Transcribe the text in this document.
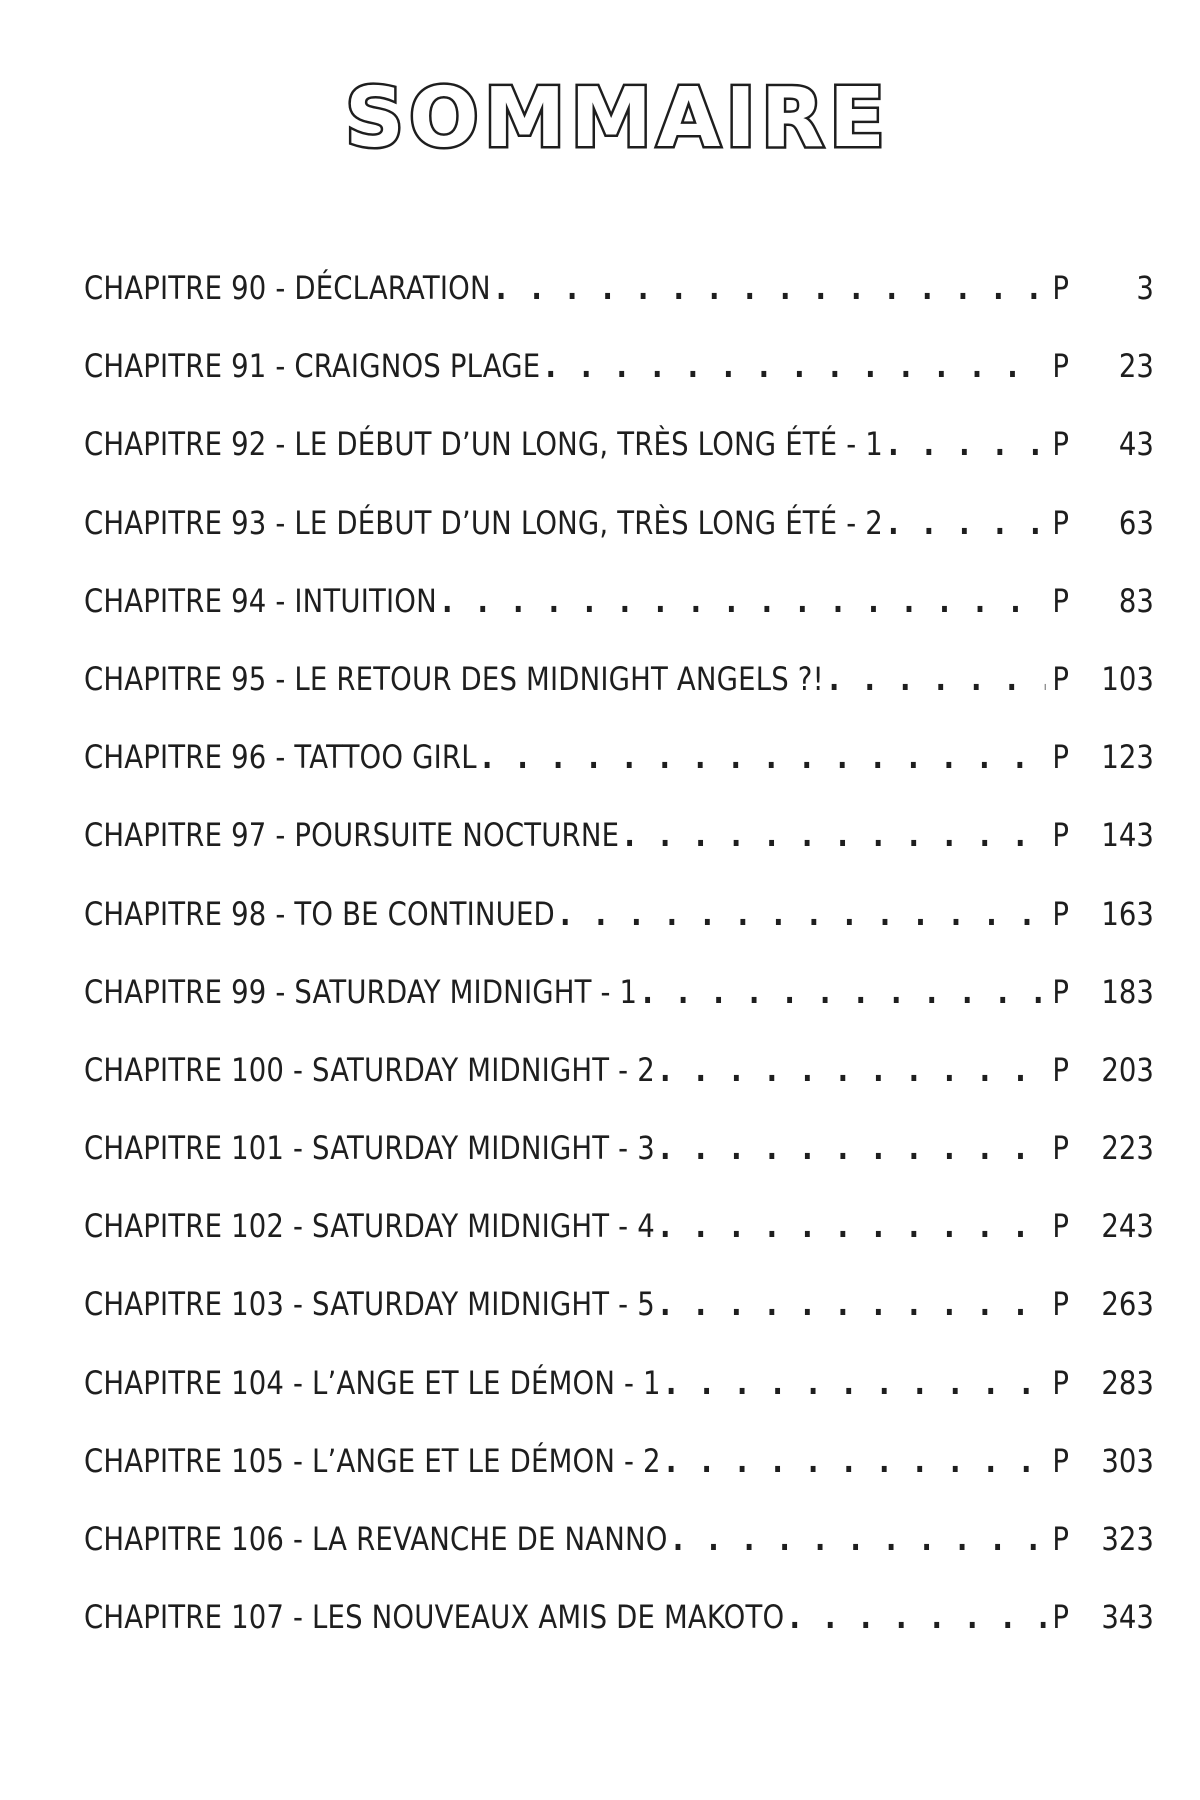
SOMMAIRE
CHAPITRE 90 - DÉCLARATION . . .	P	3
CHAPITRE 91 - CRAIGNOS PLAGE . . .	P	23
CHAPITRE 92 - LE DÉBUT D’UN LONG, TRÈS LONG ÉTÉ - 1 . . .	P	43
CHAPITRE 93 - LE DÉBUT D’UN LONG, TRÈS LONG ÉTÉ - 2 . . .	P	63
CHAPITRE 94 - INTUITION . . .	P	83
CHAPITRE 95 - LE RETOUR DES MIDNIGHT ANGELS ?! . . .	P	103
CHAPITRE 96 - TATTOO GIRL . . .	P	123
CHAPITRE 97 - POURSUITE NOCTURNE . . .	P	143
CHAPITRE 98 - TO BE CONTINUED . . .	P	163
CHAPITRE 99 - SATURDAY MIDNIGHT - 1 . . .	P	183
CHAPITRE 100 - SATURDAY MIDNIGHT - 2 . . .	P	203
CHAPITRE 101 - SATURDAY MIDNIGHT - 3 . . .	P	223
CHAPITRE 102 - SATURDAY MIDNIGHT - 4 . . .	P	243
CHAPITRE 103 - SATURDAY MIDNIGHT - 5 . . .	P	263
CHAPITRE 104 - L’ANGE ET LE DÉMON - 1 . . .	P	283
CHAPITRE 105 - L’ANGE ET LE DÉMON - 2 . . .	P	303
CHAPITRE 106 - LA REVANCHE DE NANNO . . .	P	323
CHAPITRE 107 - LES NOUVEAUX AMIS DE MAKOTO . . .	P	343
